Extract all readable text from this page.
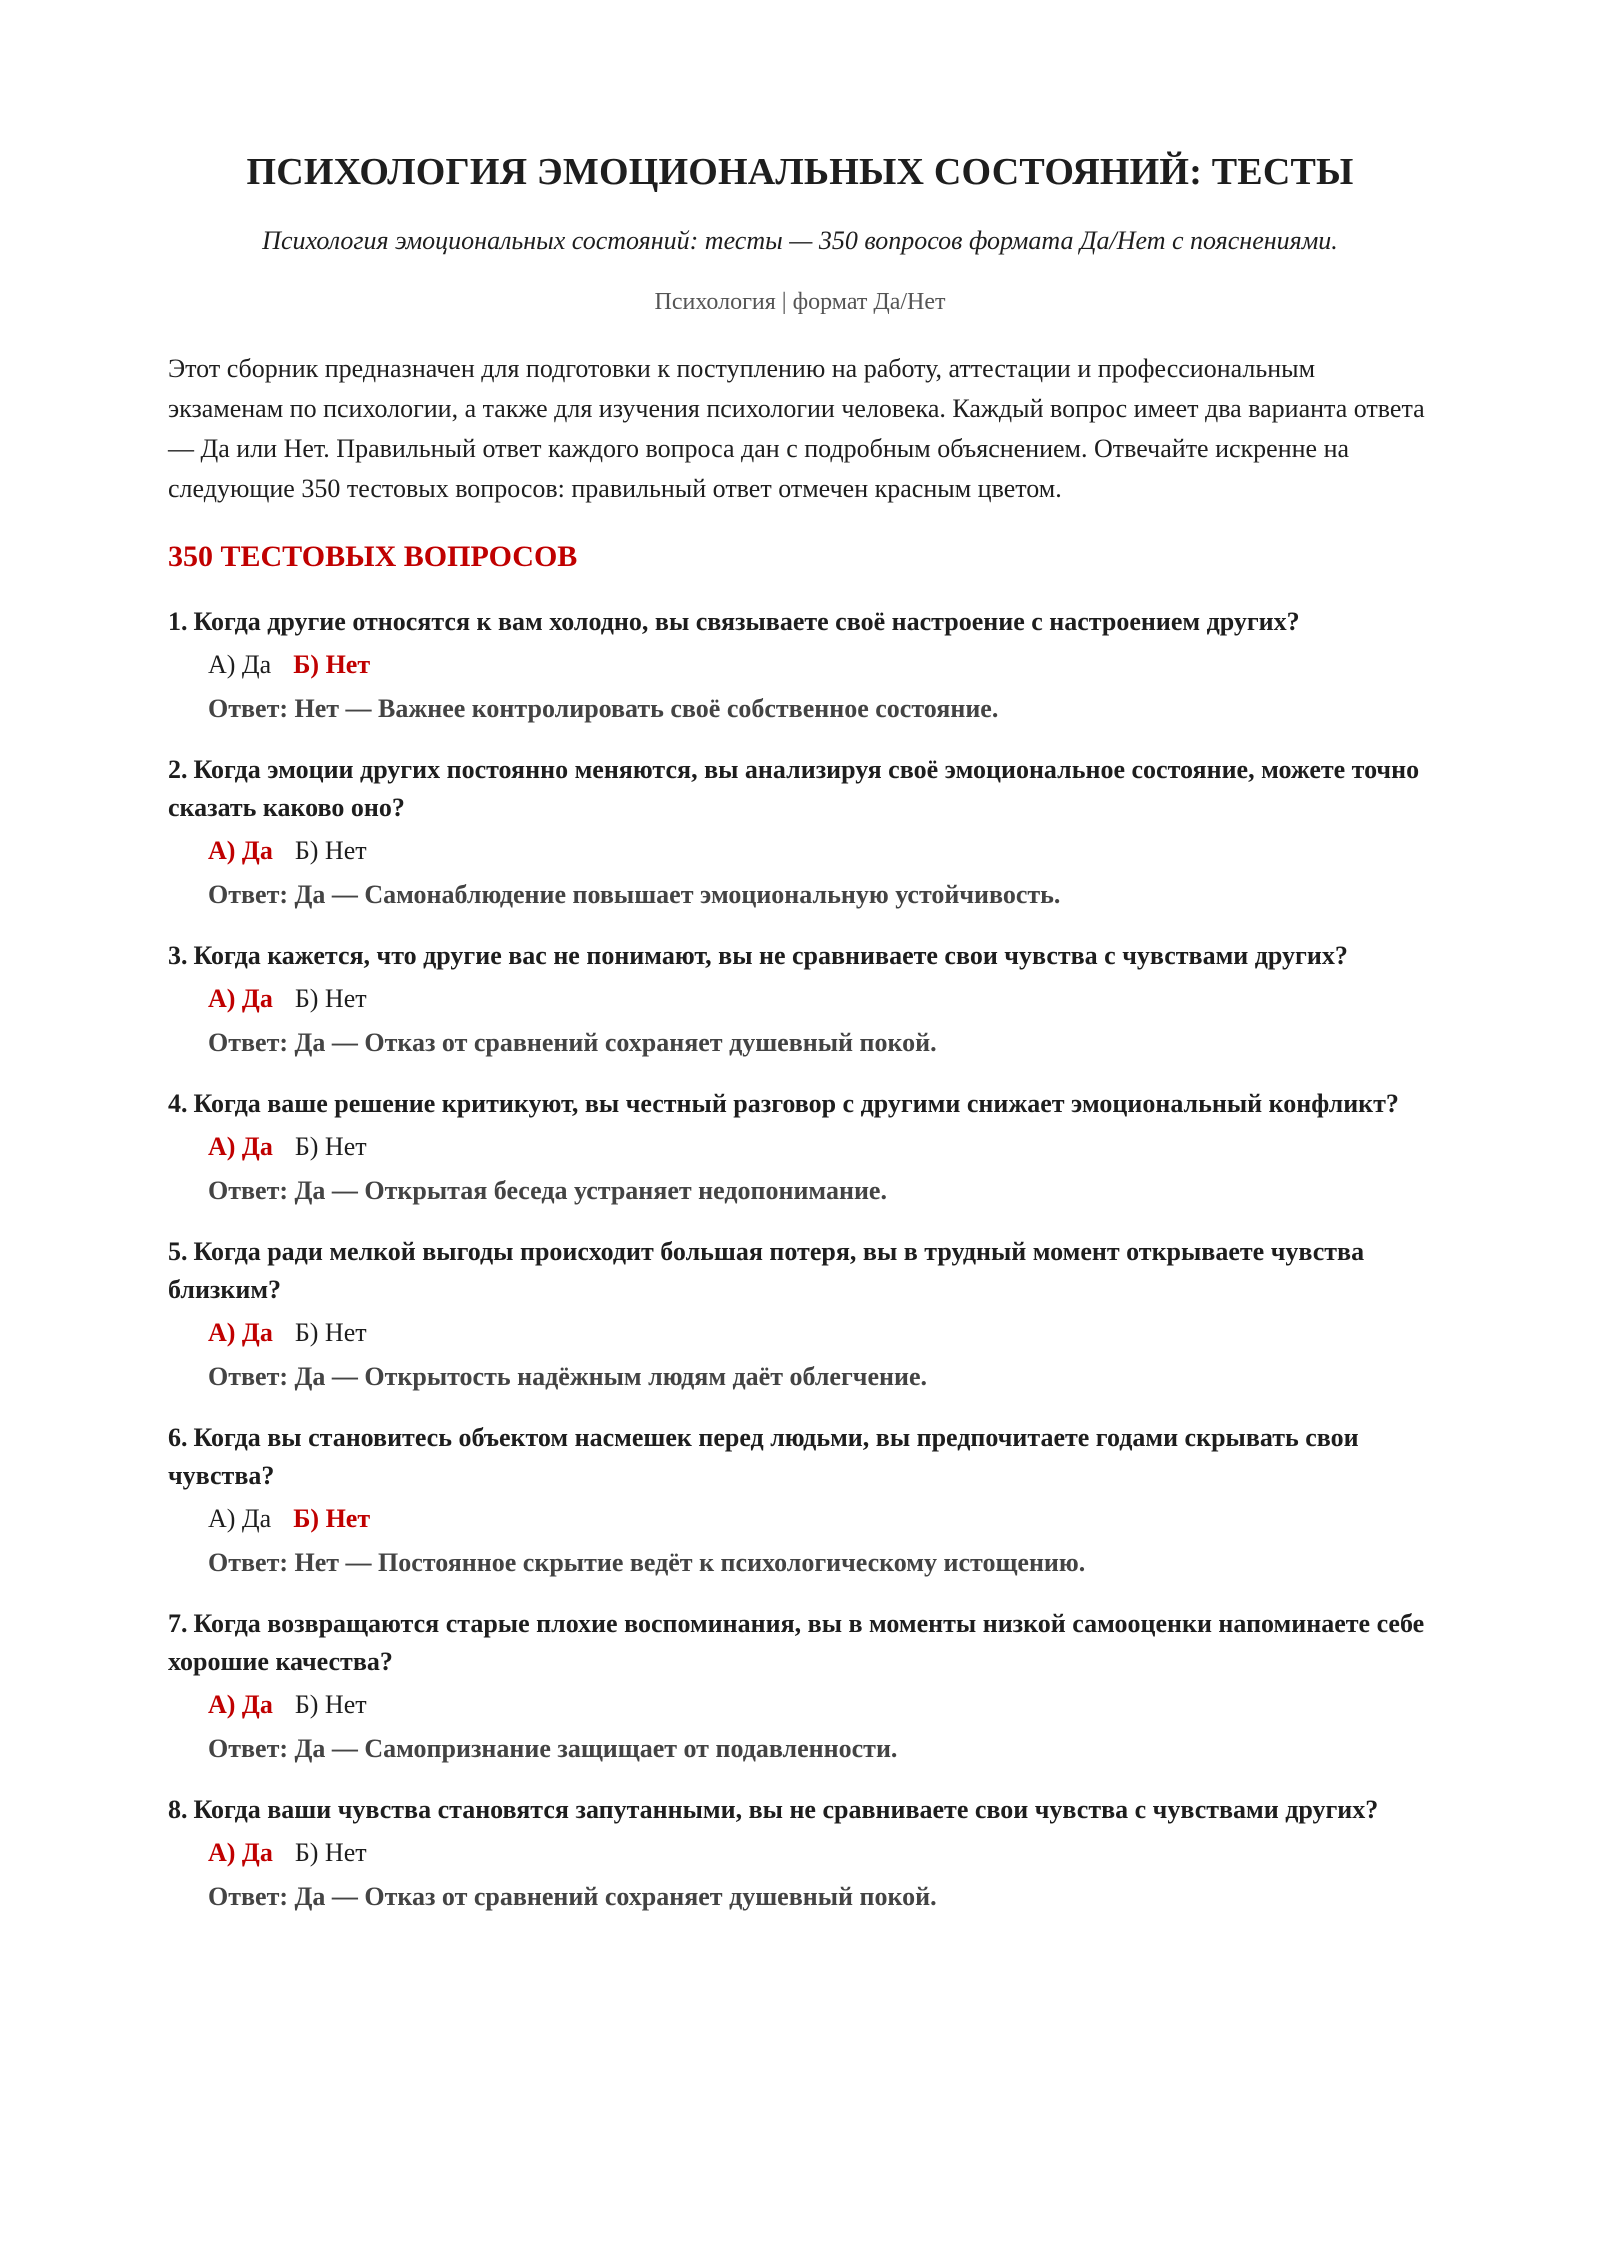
ПСИХОЛОГИЯ ЭМОЦИОНАЛЬНЫХ СОСТОЯНИЙ: ТЕСТЫ

Психология эмоциональных состояний: тесты — 350 вопросов формата Да/Нет с пояснениями.

Психология | формат Да/Нет

Этот сборник предназначен для подготовки к поступлению на работу, аттестации и профессиональным экзаменам по психологии, а также для изучения психологии человека. Каждый вопрос имеет два варианта ответа — Да или Нет. Правильный ответ каждого вопроса дан с подробным объяснением. Отвечайте искренне на следующие 350 тестовых вопросов: правильный ответ отмечен красным цветом.

350 ТЕСТОВЫХ ВОПРОСОВ

1. Когда другие относятся к вам холодно, вы связываете своё настроение с настроением других?

А) Да Б) Нет

Ответ: Нет — Важнее контролировать своё собственное состояние.

2. Когда эмоции других постоянно меняются, вы анализируя своё эмоциональное состояние, можете точно сказать каково оно?

А) Да Б) Нет

Ответ: Да — Самонаблюдение повышает эмоциональную устойчивость.

3. Когда кажется, что другие вас не понимают, вы не сравниваете свои чувства с чувствами других?

А) Да Б) Нет

Ответ: Да — Отказ от сравнений сохраняет душевный покой.

4. Когда ваше решение критикуют, вы честный разговор с другими снижает эмоциональный конфликт?

А) Да Б) Нет

Ответ: Да — Открытая беседа устраняет недопонимание.

5. Когда ради мелкой выгоды происходит большая потеря, вы в трудный момент открываете чувства близким?

А) Да Б) Нет

Ответ: Да — Открытость надёжным людям даёт облегчение.

6. Когда вы становитесь объектом насмешек перед людьми, вы предпочитаете годами скрывать свои чувства?

А) Да Б) Нет

Ответ: Нет — Постоянное скрытие ведёт к психологическому истощению.

7. Когда возвращаются старые плохие воспоминания, вы в моменты низкой самооценки напоминаете себе хорошие качества?

А) Да Б) Нет

Ответ: Да — Самопризнание защищает от подавленности.

8. Когда ваши чувства становятся запутанными, вы не сравниваете свои чувства с чувствами других?

А) Да Б) Нет

Ответ: Да — Отказ от сравнений сохраняет душевный покой.
